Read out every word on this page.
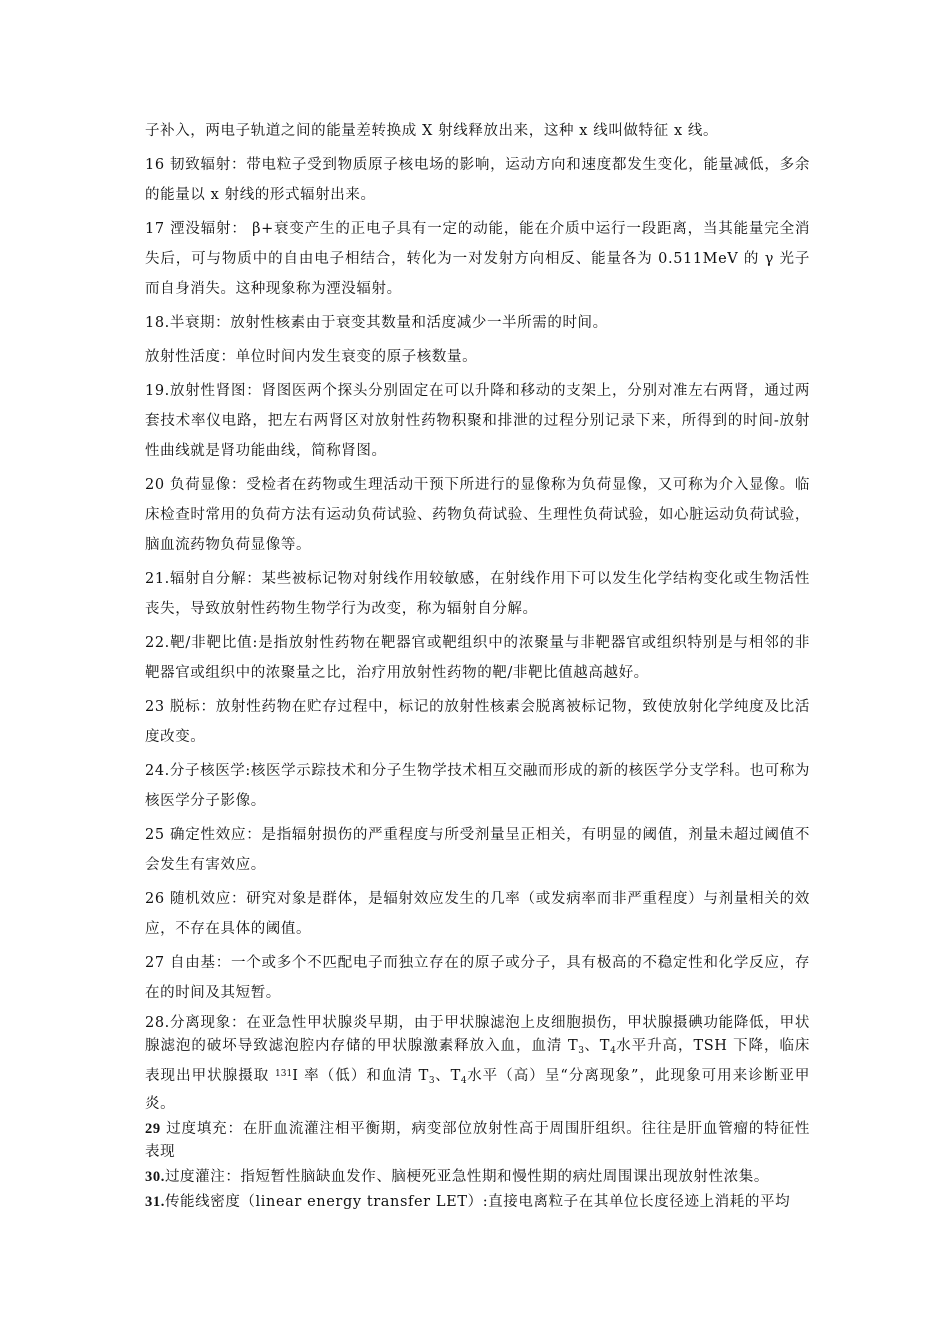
子补入，两电子轨道之间的能量差转换成 X 射线释放出来，这种 x 线叫做特征 x 线。

16 韧致辐射：带电粒子受到物质原子核电场的影响，运动方向和速度都发生变化，能量减低，多余的能量以 x 射线的形式辐射出来。

17 湮没辐射： β+衰变产生的正电子具有一定的动能，能在介质中运行一段距离，当其能量完全消失后，可与物质中的自由电子相结合，转化为一对发射方向相反、能量各为 0.511MeV 的 γ 光子而自身消失。这种现象称为湮没辐射。

18.半衰期：放射性核素由于衰变其数量和活度减少一半所需的时间。

放射性活度：单位时间内发生衰变的原子核数量。

19.放射性肾图：肾图医两个探头分别固定在可以升降和移动的支架上，分别对准左右两肾，通过两套技术率仪电路，把左右两肾区对放射性药物积聚和排泄的过程分别记录下来，所得到的时间-放射性曲线就是肾功能曲线，简称肾图。

20 负荷显像：受检者在药物或生理活动干预下所进行的显像称为负荷显像，又可称为介入显像。临床检查时常用的负荷方法有运动负荷试验、药物负荷试验、生理性负荷试验，如心脏运动负荷试验，脑血流药物负荷显像等。

21.辐射自分解：某些被标记物对射线作用较敏感，在射线作用下可以发生化学结构变化或生物活性丧失，导致放射性药物生物学行为改变，称为辐射自分解。

22.靶/非靶比值:是指放射性药物在靶器官或靶组织中的浓聚量与非靶器官或组织特别是与相邻的非靶器官或组织中的浓聚量之比，治疗用放射性药物的靶/非靶比值越高越好。

23 脱标：放射性药物在贮存过程中，标记的放射性核素会脱离被标记物，致使放射化学纯度及比活度改变。

24.分子核医学:核医学示踪技术和分子生物学技术相互交融而形成的新的核医学分支学科。也可称为核医学分子影像。

25 确定性效应：是指辐射损伤的严重程度与所受剂量呈正相关，有明显的阈值，剂量未超过阈值不会发生有害效应。

26 随机效应：研究对象是群体，是辐射效应发生的几率（或发病率而非严重程度）与剂量相关的效应，不存在具体的阈值。

27 自由基：一个或多个不匹配电子而独立存在的原子或分子，具有极高的不稳定性和化学反应，存在的时间及其短暂。

28.分离现象：在亚急性甲状腺炎早期，由于甲状腺滤泡上皮细胞损伤，甲状腺摄碘功能降低，甲状腺滤泡的破坏导致滤泡腔内存储的甲状腺激素释放入血，血清 $T_3$、$T_4$水平升高，TSH 下降，临床表现出甲状腺摄取 $^{131}$I 率（低）和血清 $T_3$、$T_4$水平（高）呈“分离现象”，此现象可用来诊断亚甲炎。

29 过度填充：在肝血流灌注相平衡期，病变部位放射性高于周围肝组织。往往是肝血管瘤的特征性表现

30.过度灌注：指短暂性脑缺血发作、脑梗死亚急性期和慢性期的病灶周围课出现放射性浓集。

31.传能线密度（linear energy transfer LET）:直接电离粒子在其单位长度径迹上消耗的平均
